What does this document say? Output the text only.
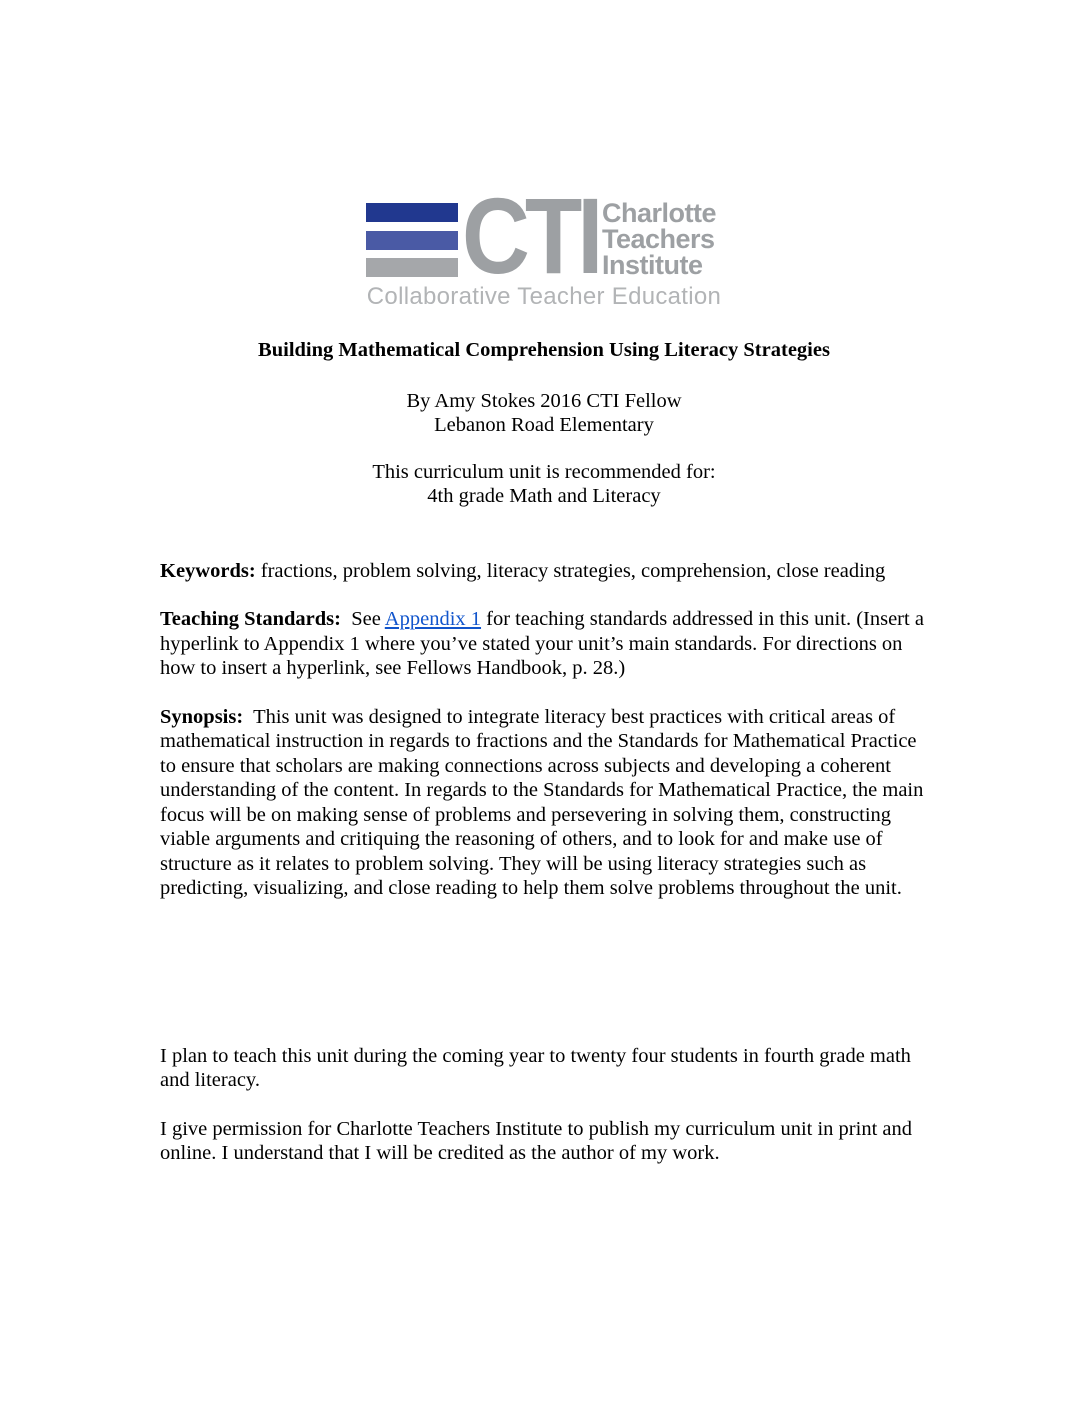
CTI Charlotte
Teachers
Institute
Collaborative Teacher Education

Building Mathematical Comprehension Using Literacy Strategies

By Amy Stokes 2016 CTI Fellow
Lebanon Road Elementary

This curriculum unit is recommended for:
4th grade Math and Literacy

Keywords: fractions, problem solving, literacy strategies, comprehension, close reading

Teaching Standards:  See Appendix 1 for teaching standards addressed in this unit. (Insert a hyperlink to Appendix 1 where you’ve stated your unit’s main standards. For directions on how to insert a hyperlink, see Fellows Handbook, p. 28.)

Synopsis:  This unit was designed to integrate literacy best practices with critical areas of mathematical instruction in regards to fractions and the Standards for Mathematical Practice to ensure that scholars are making connections across subjects and developing a coherent understanding of the content. In regards to the Standards for Mathematical Practice, the main focus will be on making sense of problems and persevering in solving them, constructing viable arguments and critiquing the reasoning of others, and to look for and make use of structure as it relates to problem solving. They will be using literacy strategies such as predicting, visualizing, and close reading to help them solve problems throughout the unit.

I plan to teach this unit during the coming year to twenty four students in fourth grade math and literacy.

I give permission for Charlotte Teachers Institute to publish my curriculum unit in print and online. I understand that I will be credited as the author of my work.
